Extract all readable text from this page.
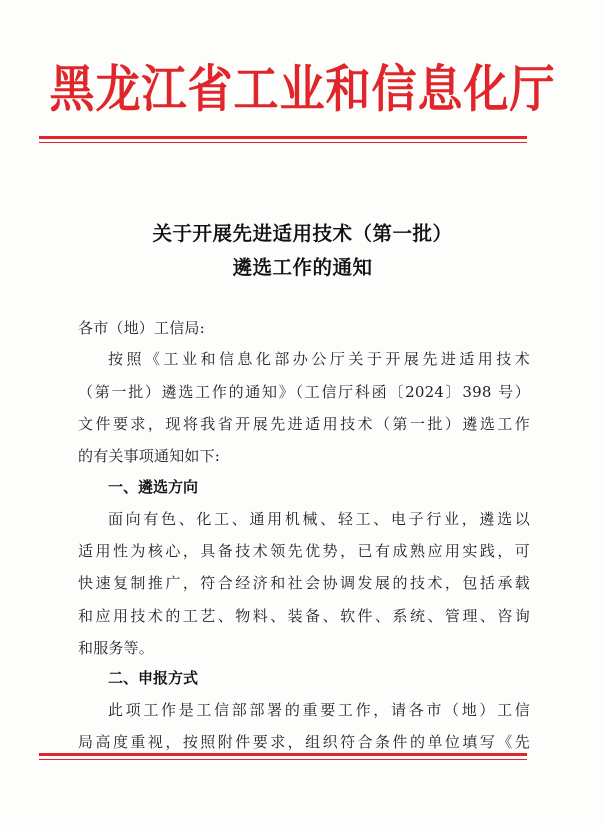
黑龙江省工业和信息化厅
关于开展先进适用技术（第一批）
遴选工作的通知
各市（地）工信局:
按照《工业和信息化部办公厅关于开展先进适用技术
（第一批）遴选工作的通知》（工信厅科函〔2024〕398 号）
文件要求，现将我省开展先进适用技术（第一批）遴选工作
的有关事项通知如下:
一、遴选方向
面向有色、化工、通用机械、轻工、电子行业，遴选以
适用性为核心，具备技术领先优势，已有成熟应用实践，可
快速复制推广，符合经济和社会协调发展的技术，包括承载
和应用技术的工艺、物料、装备、软件、系统、管理、咨询
和服务等。
二、申报方式
此项工作是工信部部署的重要工作，请各市（地）工信
局高度重视，按照附件要求，组织符合条件的单位填写《先
